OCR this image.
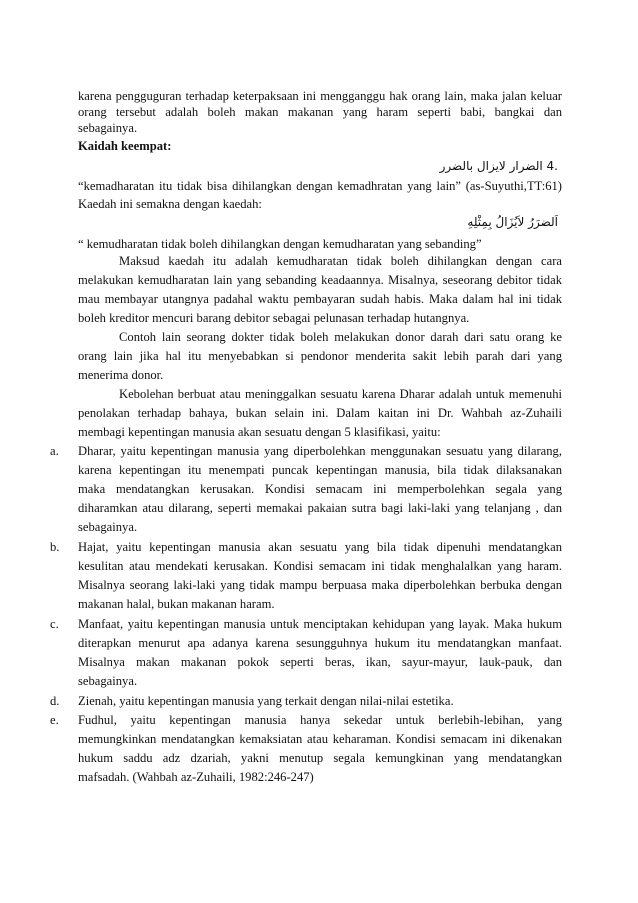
karena pengguguran terhadap keterpaksaan ini mengganggu hak orang lain, maka jalan keluar
orang tersebut adalah boleh makan makanan yang haram seperti babi, bangkai dan
sebagainya.
Kaidah keempat:
.4 الضرار لايزال بالضرر
“kemadharatan itu tidak bisa dihilangkan dengan kemadhratan yang lain” (as-Suyuthi,TT:61)
Kaedah ini semakna dengan kaedah:
اَلضرَرُ لاَيُزَالُ بِمِثْلِهِ
“ kemudharatan tidak boleh dihilangkan dengan kemudharatan yang sebanding”
Maksud kaedah itu adalah kemudharatan tidak boleh dihilangkan dengan cara
melakukan kemudharatan lain yang sebanding keadaannya. Misalnya, seseorang debitor tidak
mau membayar utangnya padahal waktu pembayaran sudah habis. Maka dalam hal ini tidak
boleh kreditor mencuri barang debitor sebagai pelunasan terhadap hutangnya.
Contoh lain seorang dokter tidak boleh melakukan donor darah dari satu orang ke
orang lain jika hal itu menyebabkan si pendonor menderita sakit lebih parah dari yang
menerima donor.
Kebolehan berbuat atau meninggalkan sesuatu karena Dharar adalah untuk memenuhi
penolakan terhadap bahaya, bukan selain ini. Dalam kaitan ini Dr. Wahbah az-Zuhaili
membagi kepentingan manusia akan sesuatu dengan 5 klasifikasi, yaitu:
a. Dharar, yaitu kepentingan manusia yang diperbolehkan menggunakan sesuatu yang dilarang,
karena kepentingan itu menempati puncak kepentingan manusia, bila tidak dilaksanakan
maka mendatangkan kerusakan. Kondisi semacam ini memperbolehkan segala yang
diharamkan atau dilarang, seperti memakai pakaian sutra bagi laki-laki yang telanjang , dan
sebagainya.
b. Hajat, yaitu kepentingan manusia akan sesuatu yang bila tidak dipenuhi mendatangkan
kesulitan atau mendekati kerusakan. Kondisi semacam ini tidak menghalalkan yang haram.
Misalnya seorang laki-laki yang tidak mampu berpuasa maka diperbolehkan berbuka dengan
makanan halal, bukan makanan haram.
c. Manfaat, yaitu kepentingan manusia untuk menciptakan kehidupan yang layak. Maka hukum
diterapkan menurut apa adanya karena sesungguhnya hukum itu mendatangkan manfaat.
Misalnya makan makanan pokok seperti beras, ikan, sayur-mayur, lauk-pauk, dan
sebagainya.
d. Zienah, yaitu kepentingan manusia yang terkait dengan nilai-nilai estetika.
e. Fudhul, yaitu kepentingan manusia hanya sekedar untuk berlebih-lebihan, yang
memungkinkan mendatangkan kemaksiatan atau keharaman. Kondisi semacam ini dikenakan
hukum saddu adz dzariah, yakni menutup segala kemungkinan yang mendatangkan
mafsadah. (Wahbah az-Zuhaili, 1982:246-247)
